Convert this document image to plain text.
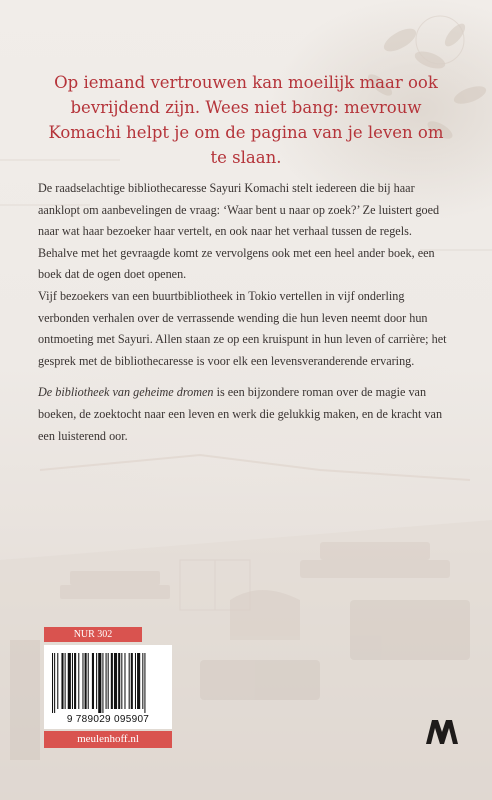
Op iemand vertrouwen kan moeilijk maar ook bevrijdend zijn. Wees niet bang: mevrouw Komachi helpt je om de pagina van je leven om te slaan.

De raadselachtige bibliothecaresse Sayuri Komachi stelt iedereen die bij haar aanklopt om aanbevelingen de vraag: ‘Waar bent u naar op zoek?’ Ze luistert goed naar wat haar bezoeker haar vertelt, en ook naar het verhaal tussen de regels. Behalve met het gevraagde komt ze vervolgens ook met een heel ander boek, een boek dat de ogen doet openen.

Vijf bezoekers van een buurtbibliotheek in Tokio vertellen in vijf onderling verbonden verhalen over de verrassende wending die hun leven neemt door hun ontmoeting met Sayuri. Allen staan ze op een kruispunt in hun leven of carrière; het gesprek met de bibliothecaresse is voor elk een levensveranderende ervaring.

De bibliotheek van geheime dromen is een bijzondere roman over de magie van boeken, de zoektocht naar een leven en werk die gelukkig maken, en de kracht van een luisterend oor.

NUR 302
9 789029 095907
meulenhoff.nl
